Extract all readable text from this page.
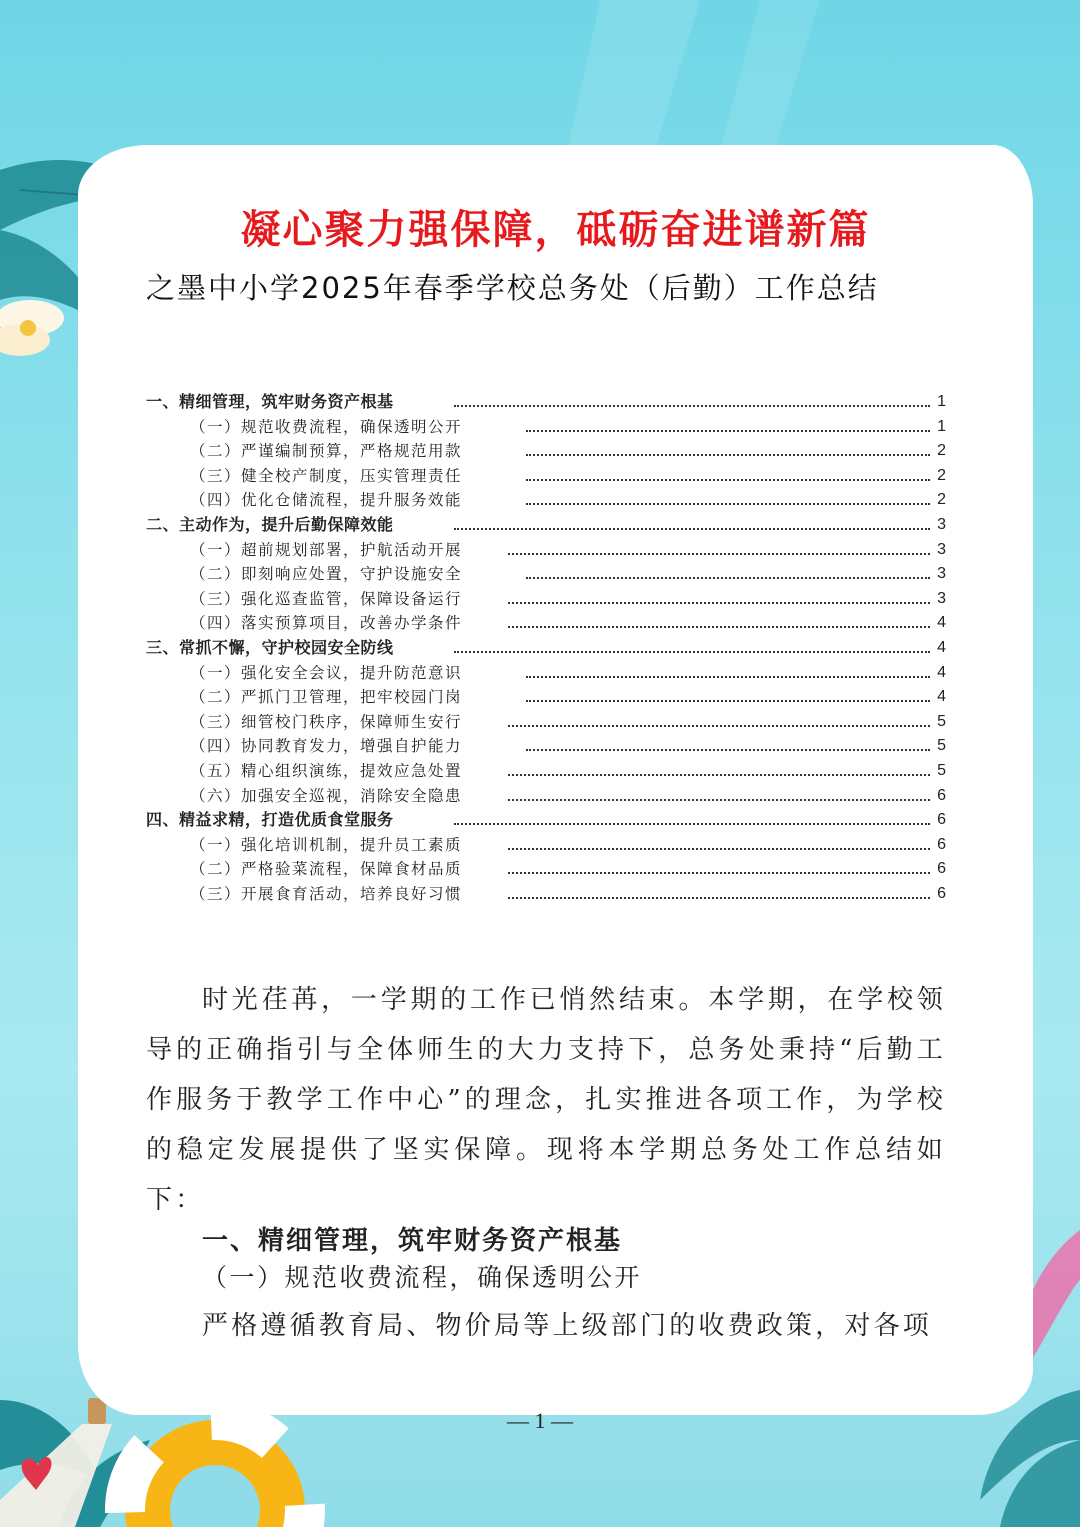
凝心聚力强保障，砥砺奋进谱新篇
之墨中小学2025年春季学校总务处（后勤）工作总结
一、精细管理，筑牢财务资产根基	1
（一）规范收费流程，确保透明公开	1
（二）严谨编制预算，严格规范用款	2
（三）健全校产制度，压实管理责任	2
（四）优化仓储流程，提升服务效能	2
二、主动作为，提升后勤保障效能	3
（一）超前规划部署，护航活动开展	3
（二）即刻响应处置，守护设施安全	3
（三）强化巡查监管，保障设备运行	3
（四）落实预算项目，改善办学条件	4
三、常抓不懈，守护校园安全防线	4
（一）强化安全会议，提升防范意识	4
（二）严抓门卫管理，把牢校园门岗	4
（三）细管校门秩序，保障师生安行	5
（四）协同教育发力，增强自护能力	5
（五）精心组织演练，提效应急处置	5
（六）加强安全巡视，消除安全隐患	6
四、精益求精，打造优质食堂服务	6
（一）强化培训机制，提升员工素质	6
（二）严格验菜流程，保障食材品质	6
（三）开展食育活动，培养良好习惯	6

时光荏苒，一学期的工作已悄然结束。本学期，在学校领导的正确指引与全体师生的大力支持下，总务处秉持“后勤工作服务于教学工作中心”的理念，扎实推进各项工作，为学校的稳定发展提供了坚实保障。现将本学期总务处工作总结如下：

一、精细管理，筑牢财务资产根基

（一）规范收费流程，确保透明公开

严格遵循教育局、物价局等上级部门的收费政策，对各项

— 1 —
